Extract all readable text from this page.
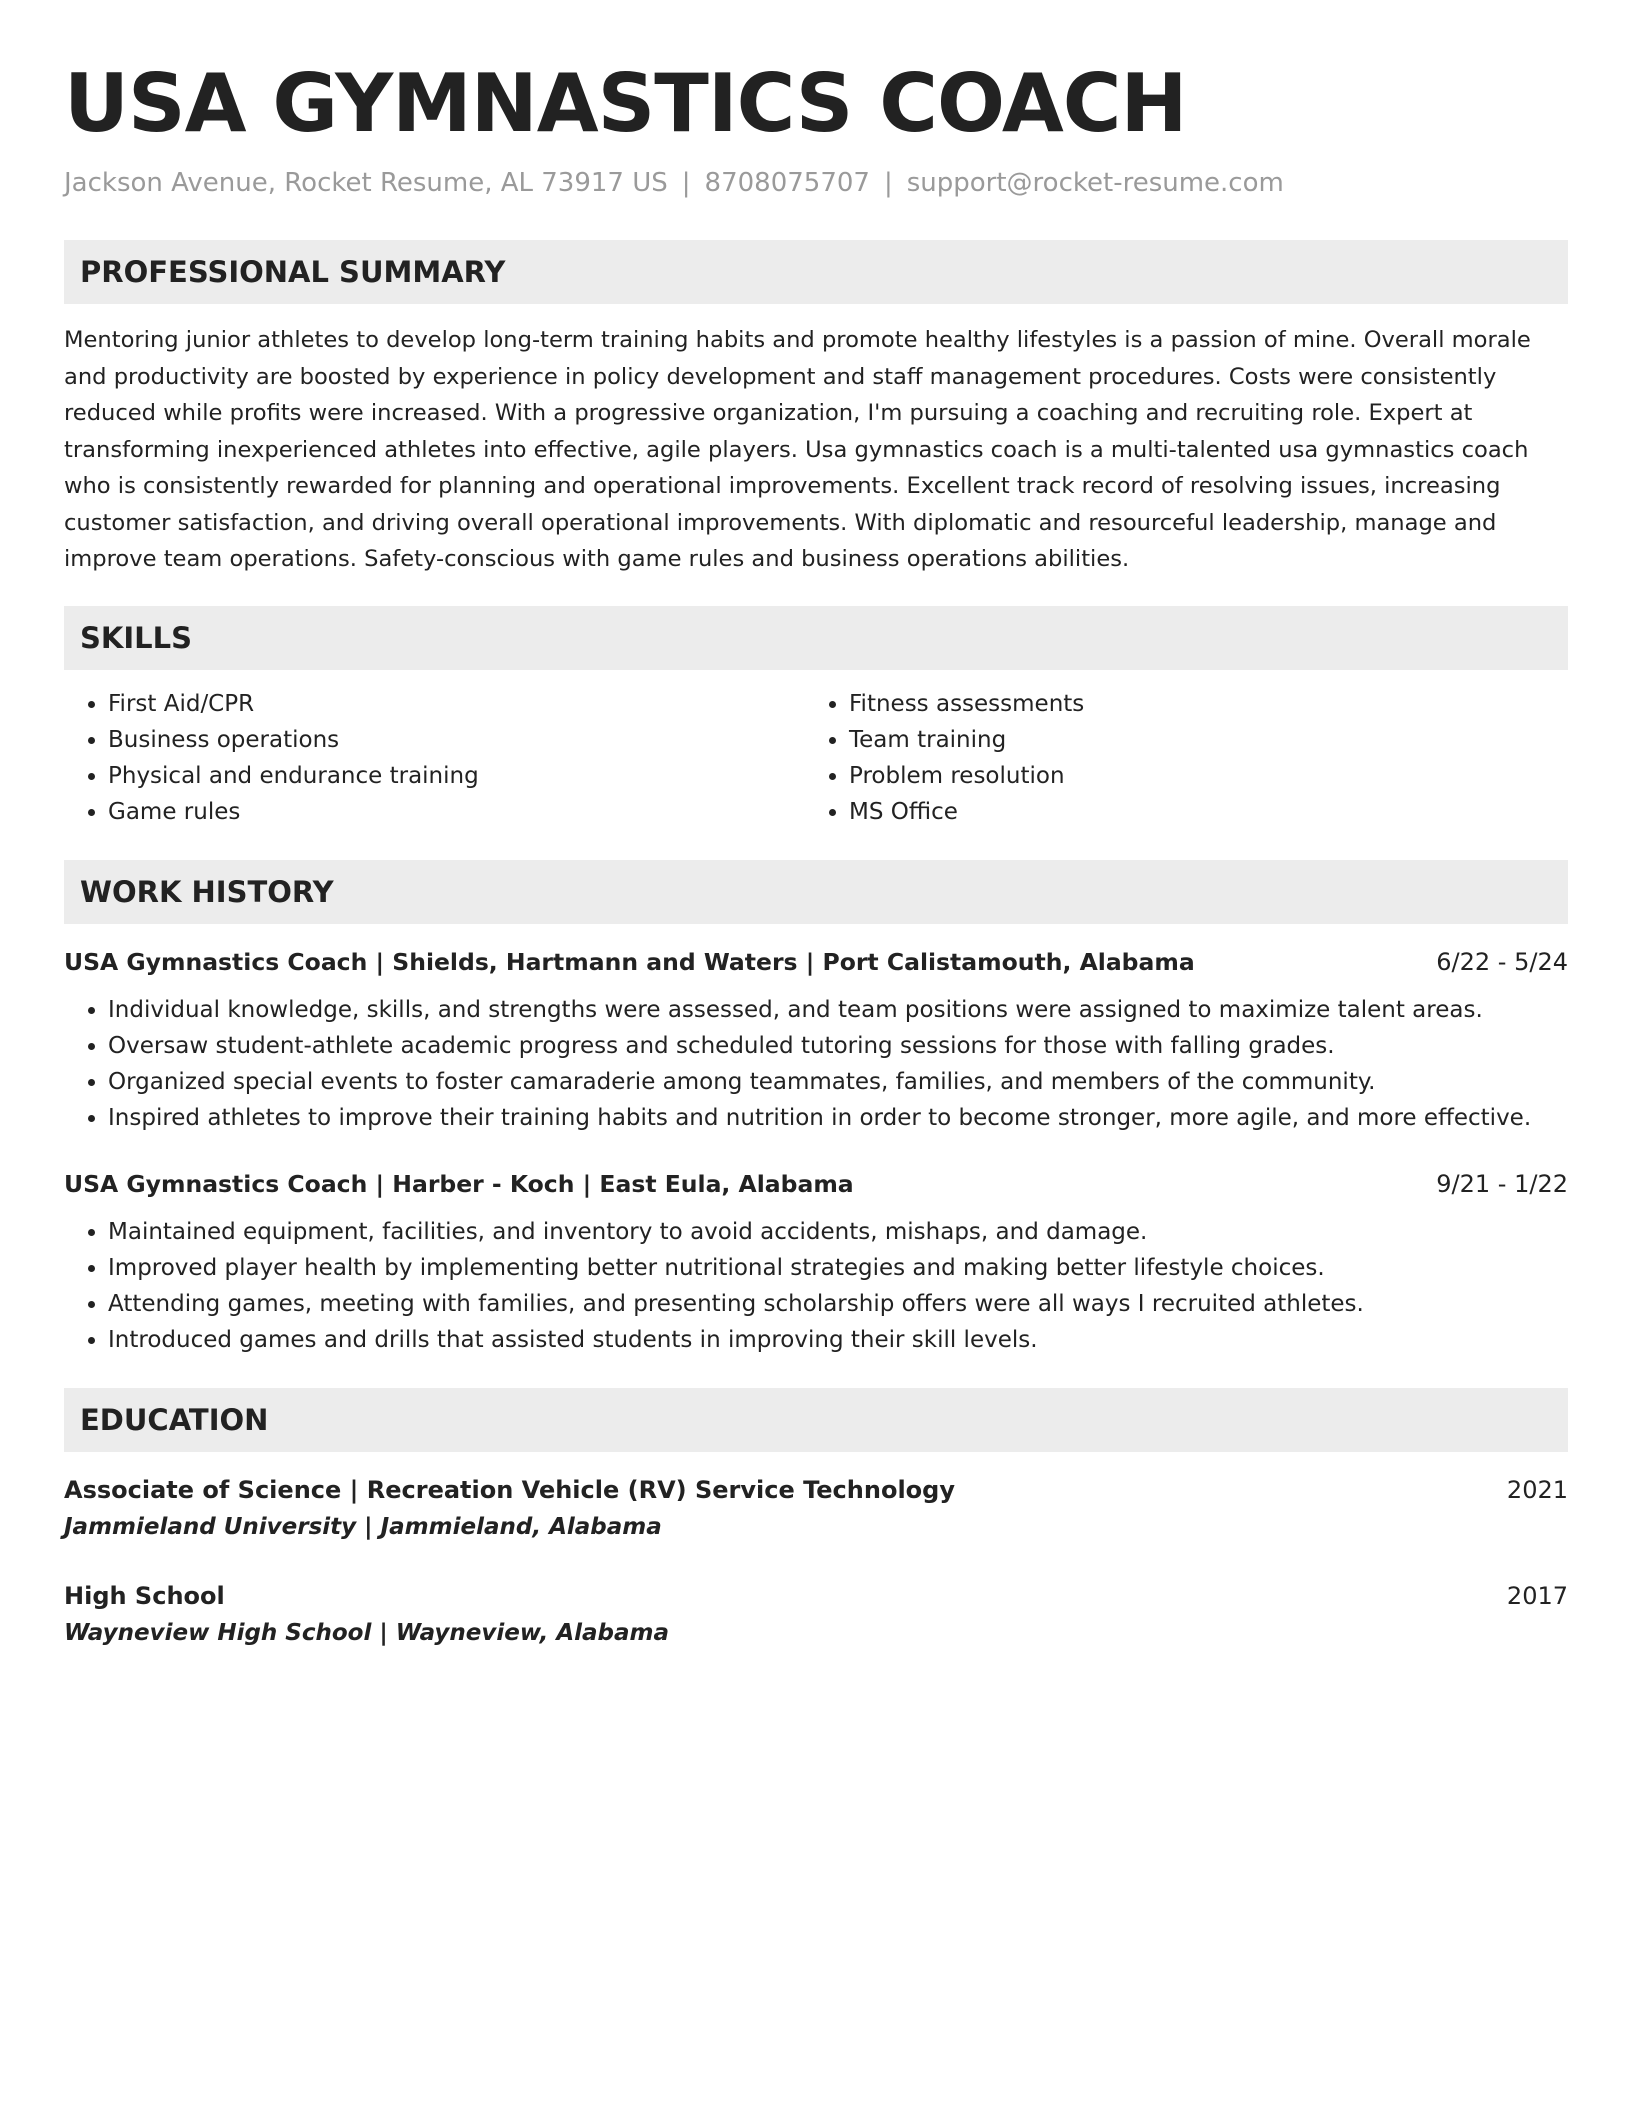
USA GYMNASTICS COACH
Jackson Avenue, Rocket Resume, AL 73917 US | 8708075707 | support@rocket-resume.com
PROFESSIONAL SUMMARY

Mentoring junior athletes to develop long-term training habits and promote healthy lifestyles is a passion of mine. Overall morale and productivity are boosted by experience in policy development and staff management procedures. Costs were consistently reduced while profits were increased. With a progressive organization, I'm pursuing a coaching and recruiting role. Expert at transforming inexperienced athletes into effective, agile players. Usa gymnastics coach is a multi-talented usa gymnastics coach who is consistently rewarded for planning and operational improvements. Excellent track record of resolving issues, increasing customer satisfaction, and driving overall operational improvements. With diplomatic and resourceful leadership, manage and improve team operations. Safety-conscious with game rules and business operations abilities.

SKILLS
• First Aid/CPR
• Business operations
• Physical and endurance training
• Game rules
• Fitness assessments
• Team training
• Problem resolution
• MS Office
WORK HISTORY
USA Gymnastics Coach | Shields, Hartmann and Waters | Port Calistamouth, Alabama	6/22 - 5/24
• Individual knowledge, skills, and strengths were assessed, and team positions were assigned to maximize talent areas.
• Oversaw student-athlete academic progress and scheduled tutoring sessions for those with falling grades.
• Organized special events to foster camaraderie among teammates, families, and members of the community.
• Inspired athletes to improve their training habits and nutrition in order to become stronger, more agile, and more effective.
USA Gymnastics Coach | Harber - Koch | East Eula, Alabama	9/21 - 1/22
• Maintained equipment, facilities, and inventory to avoid accidents, mishaps, and damage.
• Improved player health by implementing better nutritional strategies and making better lifestyle choices.
• Attending games, meeting with families, and presenting scholarship offers were all ways I recruited athletes.
• Introduced games and drills that assisted students in improving their skill levels.
EDUCATION
Associate of Science | Recreation Vehicle (RV) Service Technology	2021
Jammieland University | Jammieland, Alabama
High School	2017
Wayneview High School | Wayneview, Alabama
